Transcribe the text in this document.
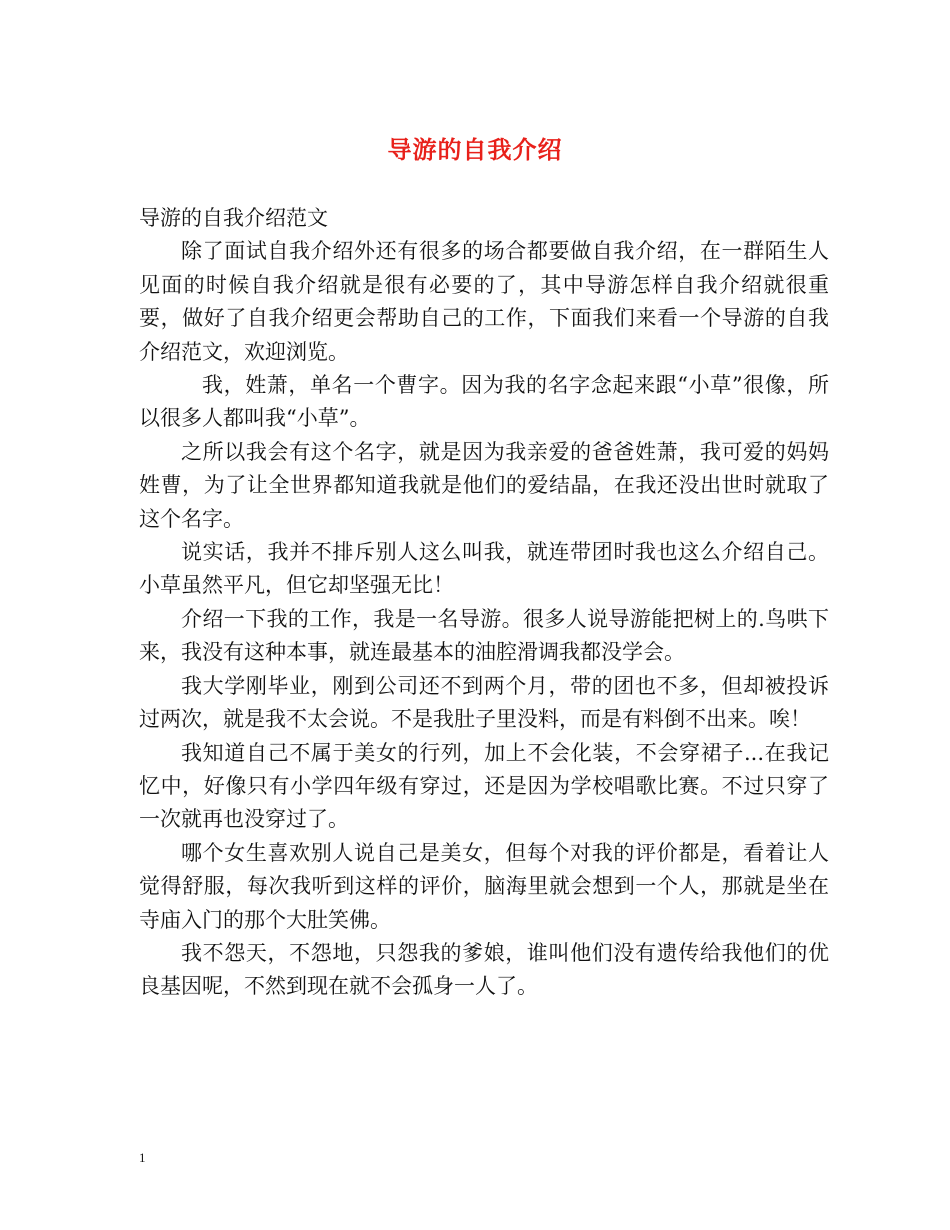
导游的自我介绍

导游的自我介绍范文

除了面试自我介绍外还有很多的场合都要做自我介绍，在一群陌生人见面的时候自我介绍就是很有必要的了，其中导游怎样自我介绍就很重要，做好了自我介绍更会帮助自己的工作，下面我们来看一个导游的自我介绍范文，欢迎浏览。

我，姓萧，单名一个曹字。因为我的名字念起来跟“小草”很像，所以很多人都叫我“小草”。

之所以我会有这个名字，就是因为我亲爱的爸爸姓萧，我可爱的妈妈姓曹，为了让全世界都知道我就是他们的爱结晶，在我还没出世时就取了这个名字。

说实话，我并不排斥别人这么叫我，就连带团时我也这么介绍自己。小草虽然平凡，但它却坚强无比！

介绍一下我的工作，我是一名导游。很多人说导游能把树上的.鸟哄下来，我没有这种本事，就连最基本的油腔滑调我都没学会。

我大学刚毕业，刚到公司还不到两个月，带的团也不多，但却被投诉过两次，就是我不太会说。不是我肚子里没料，而是有料倒不出来。唉！

我知道自己不属于美女的行列，加上不会化装，不会穿裙子...在我记忆中，好像只有小学四年级有穿过，还是因为学校唱歌比赛。不过只穿了一次就再也没穿过了。

哪个女生喜欢别人说自己是美女，但每个对我的评价都是，看着让人觉得舒服，每次我听到这样的评价，脑海里就会想到一个人，那就是坐在寺庙入门的那个大肚笑佛。

我不怨天，不怨地，只怨我的爹娘，谁叫他们没有遗传给我他们的优良基因呢，不然到现在就不会孤身一人了。

1
